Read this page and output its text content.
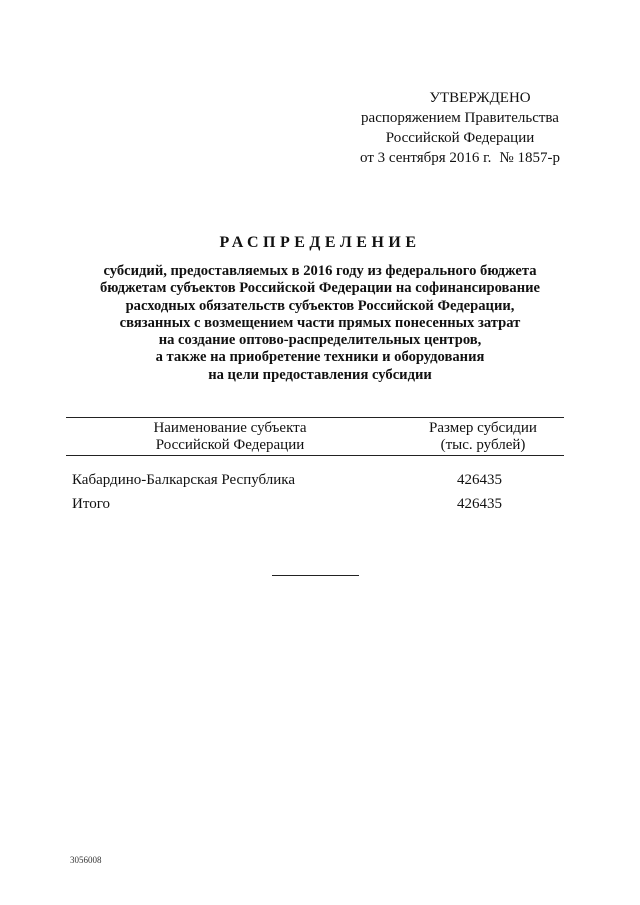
УТВЕРЖДЕНО
распоряжением Правительства
Российской Федерации
от 3 сентября 2016 г. № 1857-р
РАСПРЕДЕЛЕНИЕ
субсидий, предоставляемых в 2016 году из федерального бюджета
бюджетам субъектов Российской Федерации на софинансирование
расходных обязательств субъектов Российской Федерации,
связанных с возмещением части прямых понесенных затрат
на создание оптово-распределительных центров,
а также на приобретение техники и оборудования
на цели предоставления субсидии
Наименование субъекта
Российской Федерации
Размер субсидии
(тыс. рублей)
Кабардино-Балкарская Республика	426435
Итого	426435
3056008
